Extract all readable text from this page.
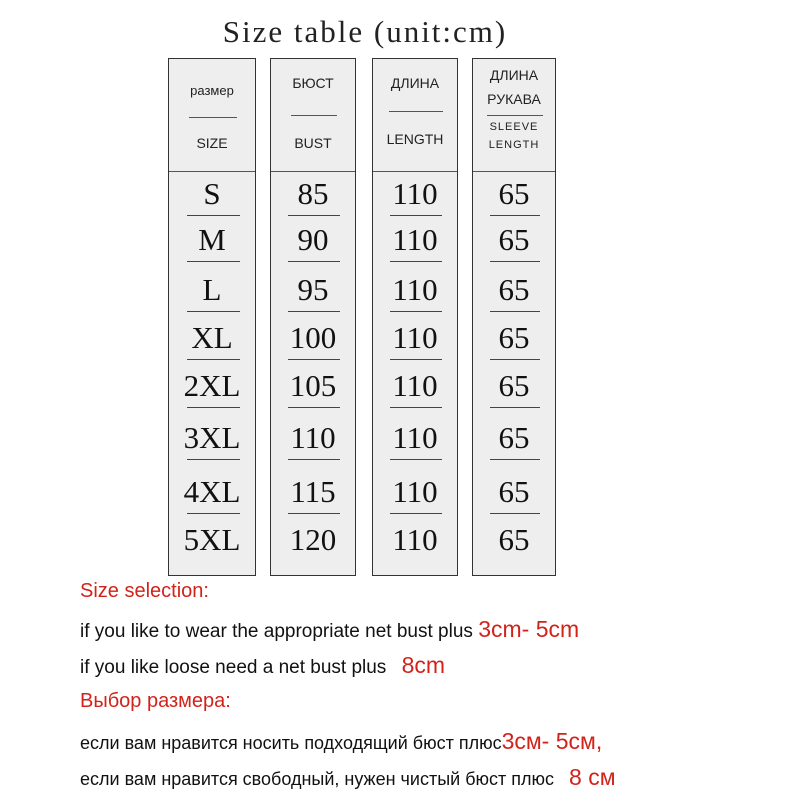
Size table (unit:cm)
размер
SIZE
S
M
L
XL
2XL
3XL
4XL
5XL
БЮСТ
BUST
85
90
95
100
105
110
115
120
ДЛИНА
LENGTH
110
110
110
110
110
110
110
110
ДЛИНА
РУКАВА
SLEEVE
LENGTH
65
65
65
65
65
65
65
65
Size selection:
if you like to wear the appropriate net bust plus 3cm- 5cm
if you like loose need a net bust plus 8cm
Выбор размера:
если вам нравится носить подходящий бюст плюс3см- 5см,
если вам нравится свободный, нужен чистый бюст плюс 8 см
